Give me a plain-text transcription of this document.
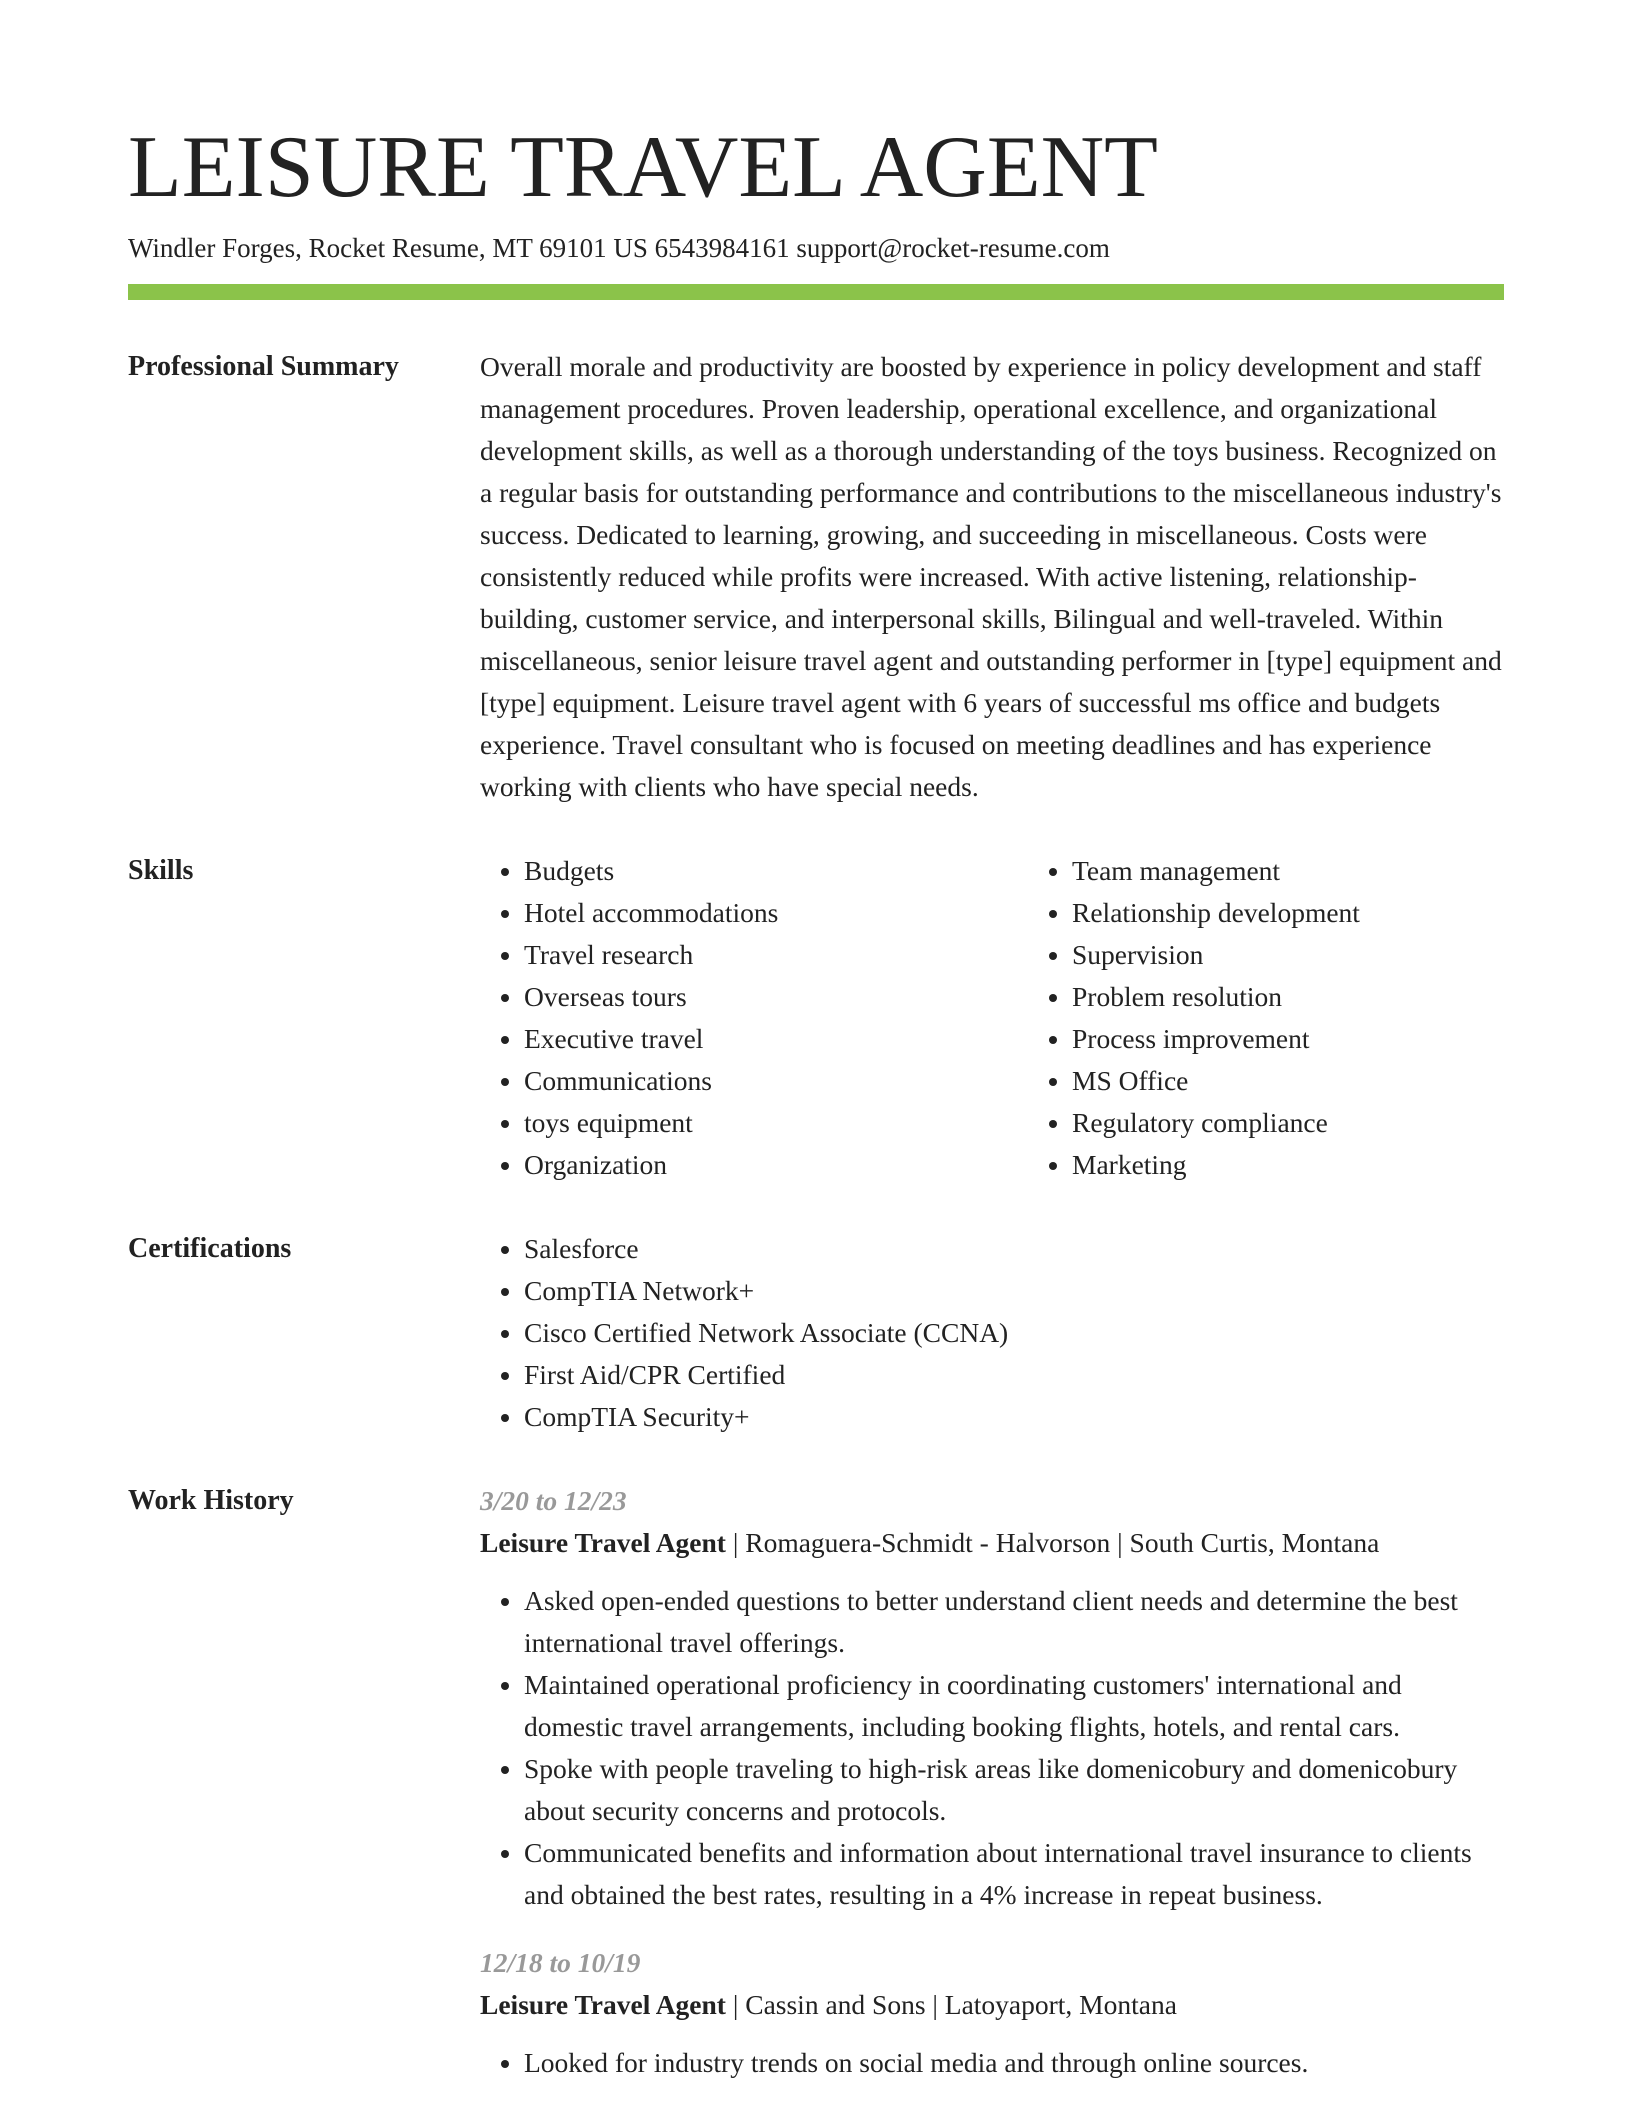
LEISURE TRAVEL AGENT
Windler Forges, Rocket Resume, MT 69101 US 6543984161 support@rocket-resume.com
Professional Summary	Overall morale and productivity are boosted by experience in policy development and staff management procedures. Proven leadership, operational excellence, and organizational development skills, as well as a thorough understanding of the toys business. Recognized on a regular basis for outstanding performance and contributions to the miscellaneous industry's success. Dedicated to learning, growing, and succeeding in miscellaneous. Costs were consistently reduced while profits were increased. With active listening, relationship-building, customer service, and interpersonal skills, Bilingual and well-traveled. Within miscellaneous, senior leisure travel agent and outstanding performer in [type] equipment and [type] equipment. Leisure travel agent with 6 years of successful ms office and budgets experience. Travel consultant who is focused on meeting deadlines and has experience working with clients who have special needs.

Skills	• Budgets
• Hotel accommodations
• Travel research
• Overseas tours
• Executive travel
• Communications
• toys equipment
• Organization
• Team management
• Relationship development
• Supervision
• Problem resolution
• Process improvement
• MS Office
• Regulatory compliance
• Marketing
Certifications	• Salesforce
• CompTIA Network+
• Cisco Certified Network Associate (CCNA)
• First Aid/CPR Certified
• CompTIA Security+
Work History	3/20 to 12/23
Leisure Travel Agent | Romaguera-Schmidt - Halvorson | South Curtis, Montana
• Asked open-ended questions to better understand client needs and determine the best international travel offerings.
• Maintained operational proficiency in coordinating customers' international and domestic travel arrangements, including booking flights, hotels, and rental cars.
• Spoke with people traveling to high-risk areas like domenicobury and domenicobury about security concerns and protocols.
• Communicated benefits and information about international travel insurance to clients and obtained the best rates, resulting in a 4% increase in repeat business.
12/18 to 10/19
Leisure Travel Agent | Cassin and Sons | Latoyaport, Montana
• Looked for industry trends on social media and through online sources.
